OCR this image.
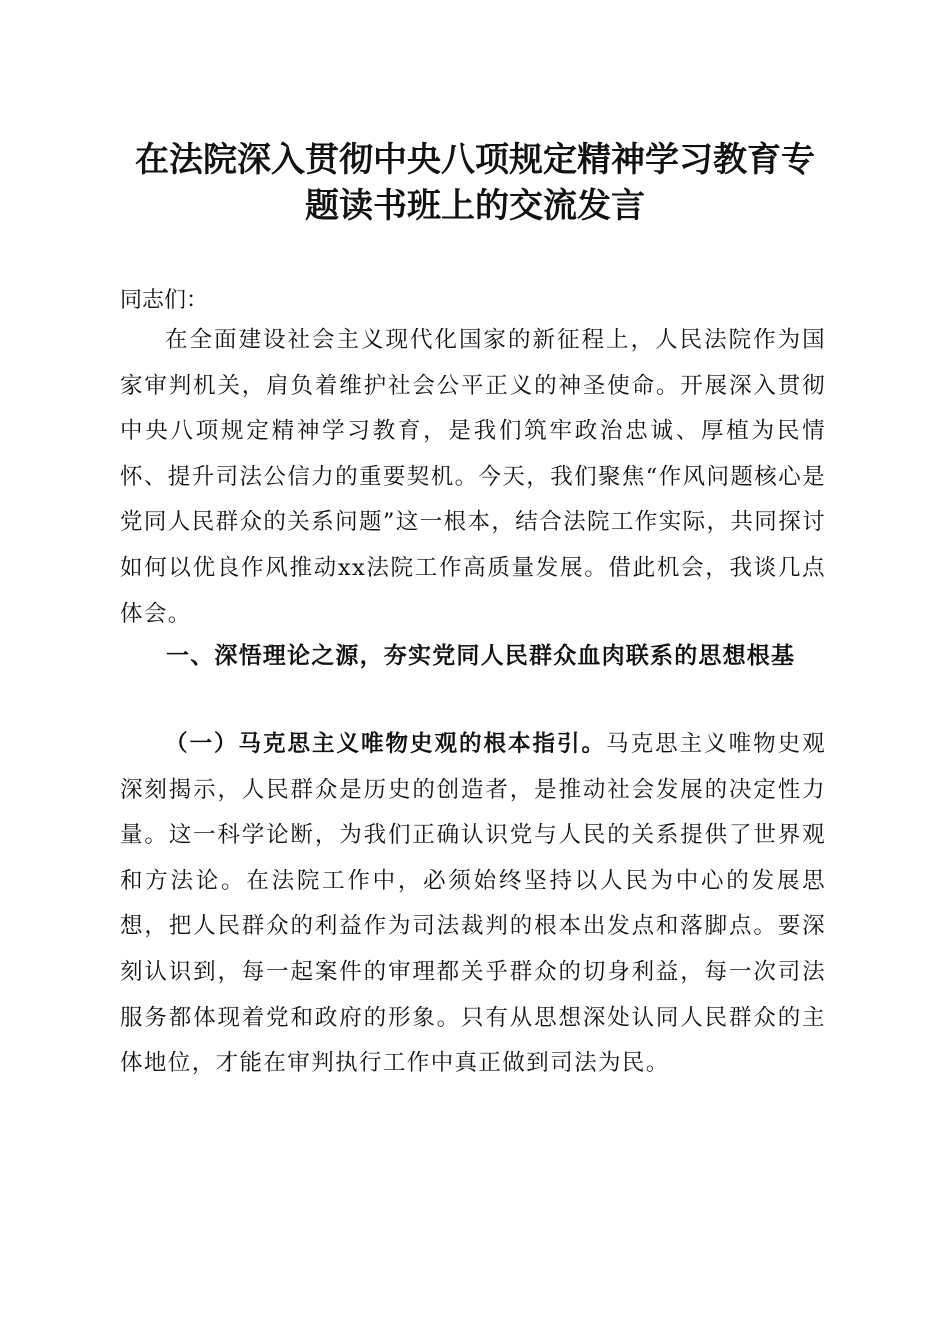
在法院深入贯彻中央八项规定精神学习教育专
题读书班上的交流发言
同志们：

在全面建设社会主义现代化国家的新征程上，人民法院作为国家审判机关，肩负着维护社会公平正义的神圣使命。开展深入贯彻中央八项规定精神学习教育，是我们筑牢政治忠诚、厚植为民情怀、提升司法公信力的重要契机。今天，我们聚焦“作风问题核心是党同人民群众的关系问题”这一根本，结合法院工作实际，共同探讨如何以优良作风推动xx法院工作高质量发展。借此机会，我谈几点体会。

一、深悟理论之源，夯实党同人民群众血肉联系的思想根基

（一）马克思主义唯物史观的根本指引。马克思主义唯物史观深刻揭示，人民群众是历史的创造者，是推动社会发展的决定性力量。这一科学论断，为我们正确认识党与人民的关系提供了世界观和方法论。在法院工作中，必须始终坚持以人民为中心的发展思想，把人民群众的利益作为司法裁判的根本出发点和落脚点。要深刻认识到，每一起案件的审理都关乎群众的切身利益，每一次司法服务都体现着党和政府的形象。只有从思想深处认同人民群众的主体地位，才能在审判执行工作中真正做到司法为民。
